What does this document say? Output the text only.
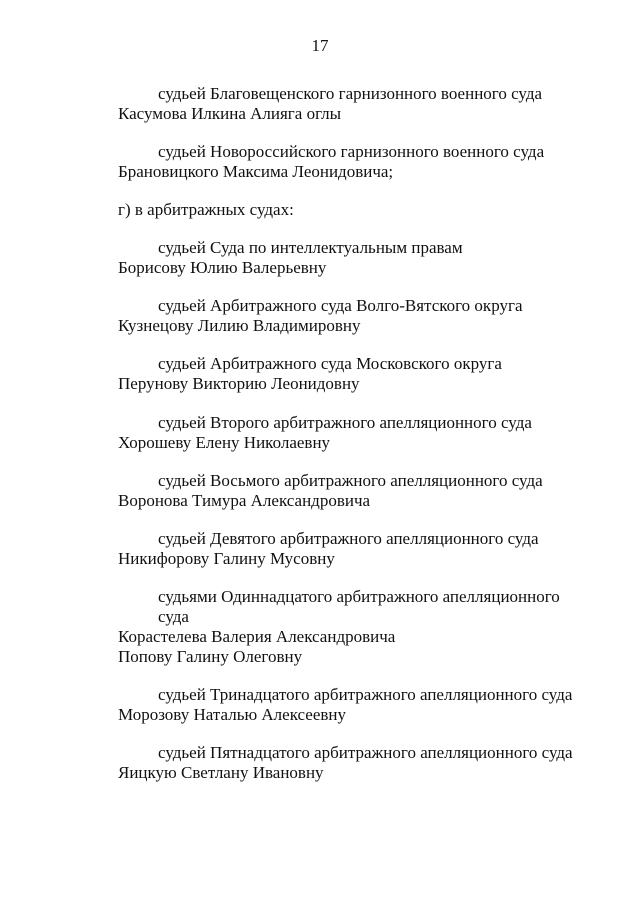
17
судьей Благовещенского гарнизонного военного суда
Касумова Илкина Алияга оглы
судьей Новороссийского гарнизонного военного суда
Брановицкого Максима Леонидовича;
г) в арбитражных судах:
судьей Суда по интеллектуальным правам
Борисову Юлию Валерьевну
судьей Арбитражного суда Волго-Вятского округа
Кузнецову Лилию Владимировну
судьей Арбитражного суда Московского округа
Перунову Викторию Леонидовну
судьей Второго арбитражного апелляционного суда
Хорошеву Елену Николаевну
судьей Восьмого арбитражного апелляционного суда
Воронова Тимура Александровича
судьей Девятого арбитражного апелляционного суда
Никифорову Галину Мусовну
судьями Одиннадцатого арбитражного апелляционного
суда
Корастелева Валерия Александровича
Попову Галину Олеговну
судьей Тринадцатого арбитражного апелляционного суда
Морозову Наталью Алексеевну
судьей Пятнадцатого арбитражного апелляционного суда
Яицкую Светлану Ивановну
